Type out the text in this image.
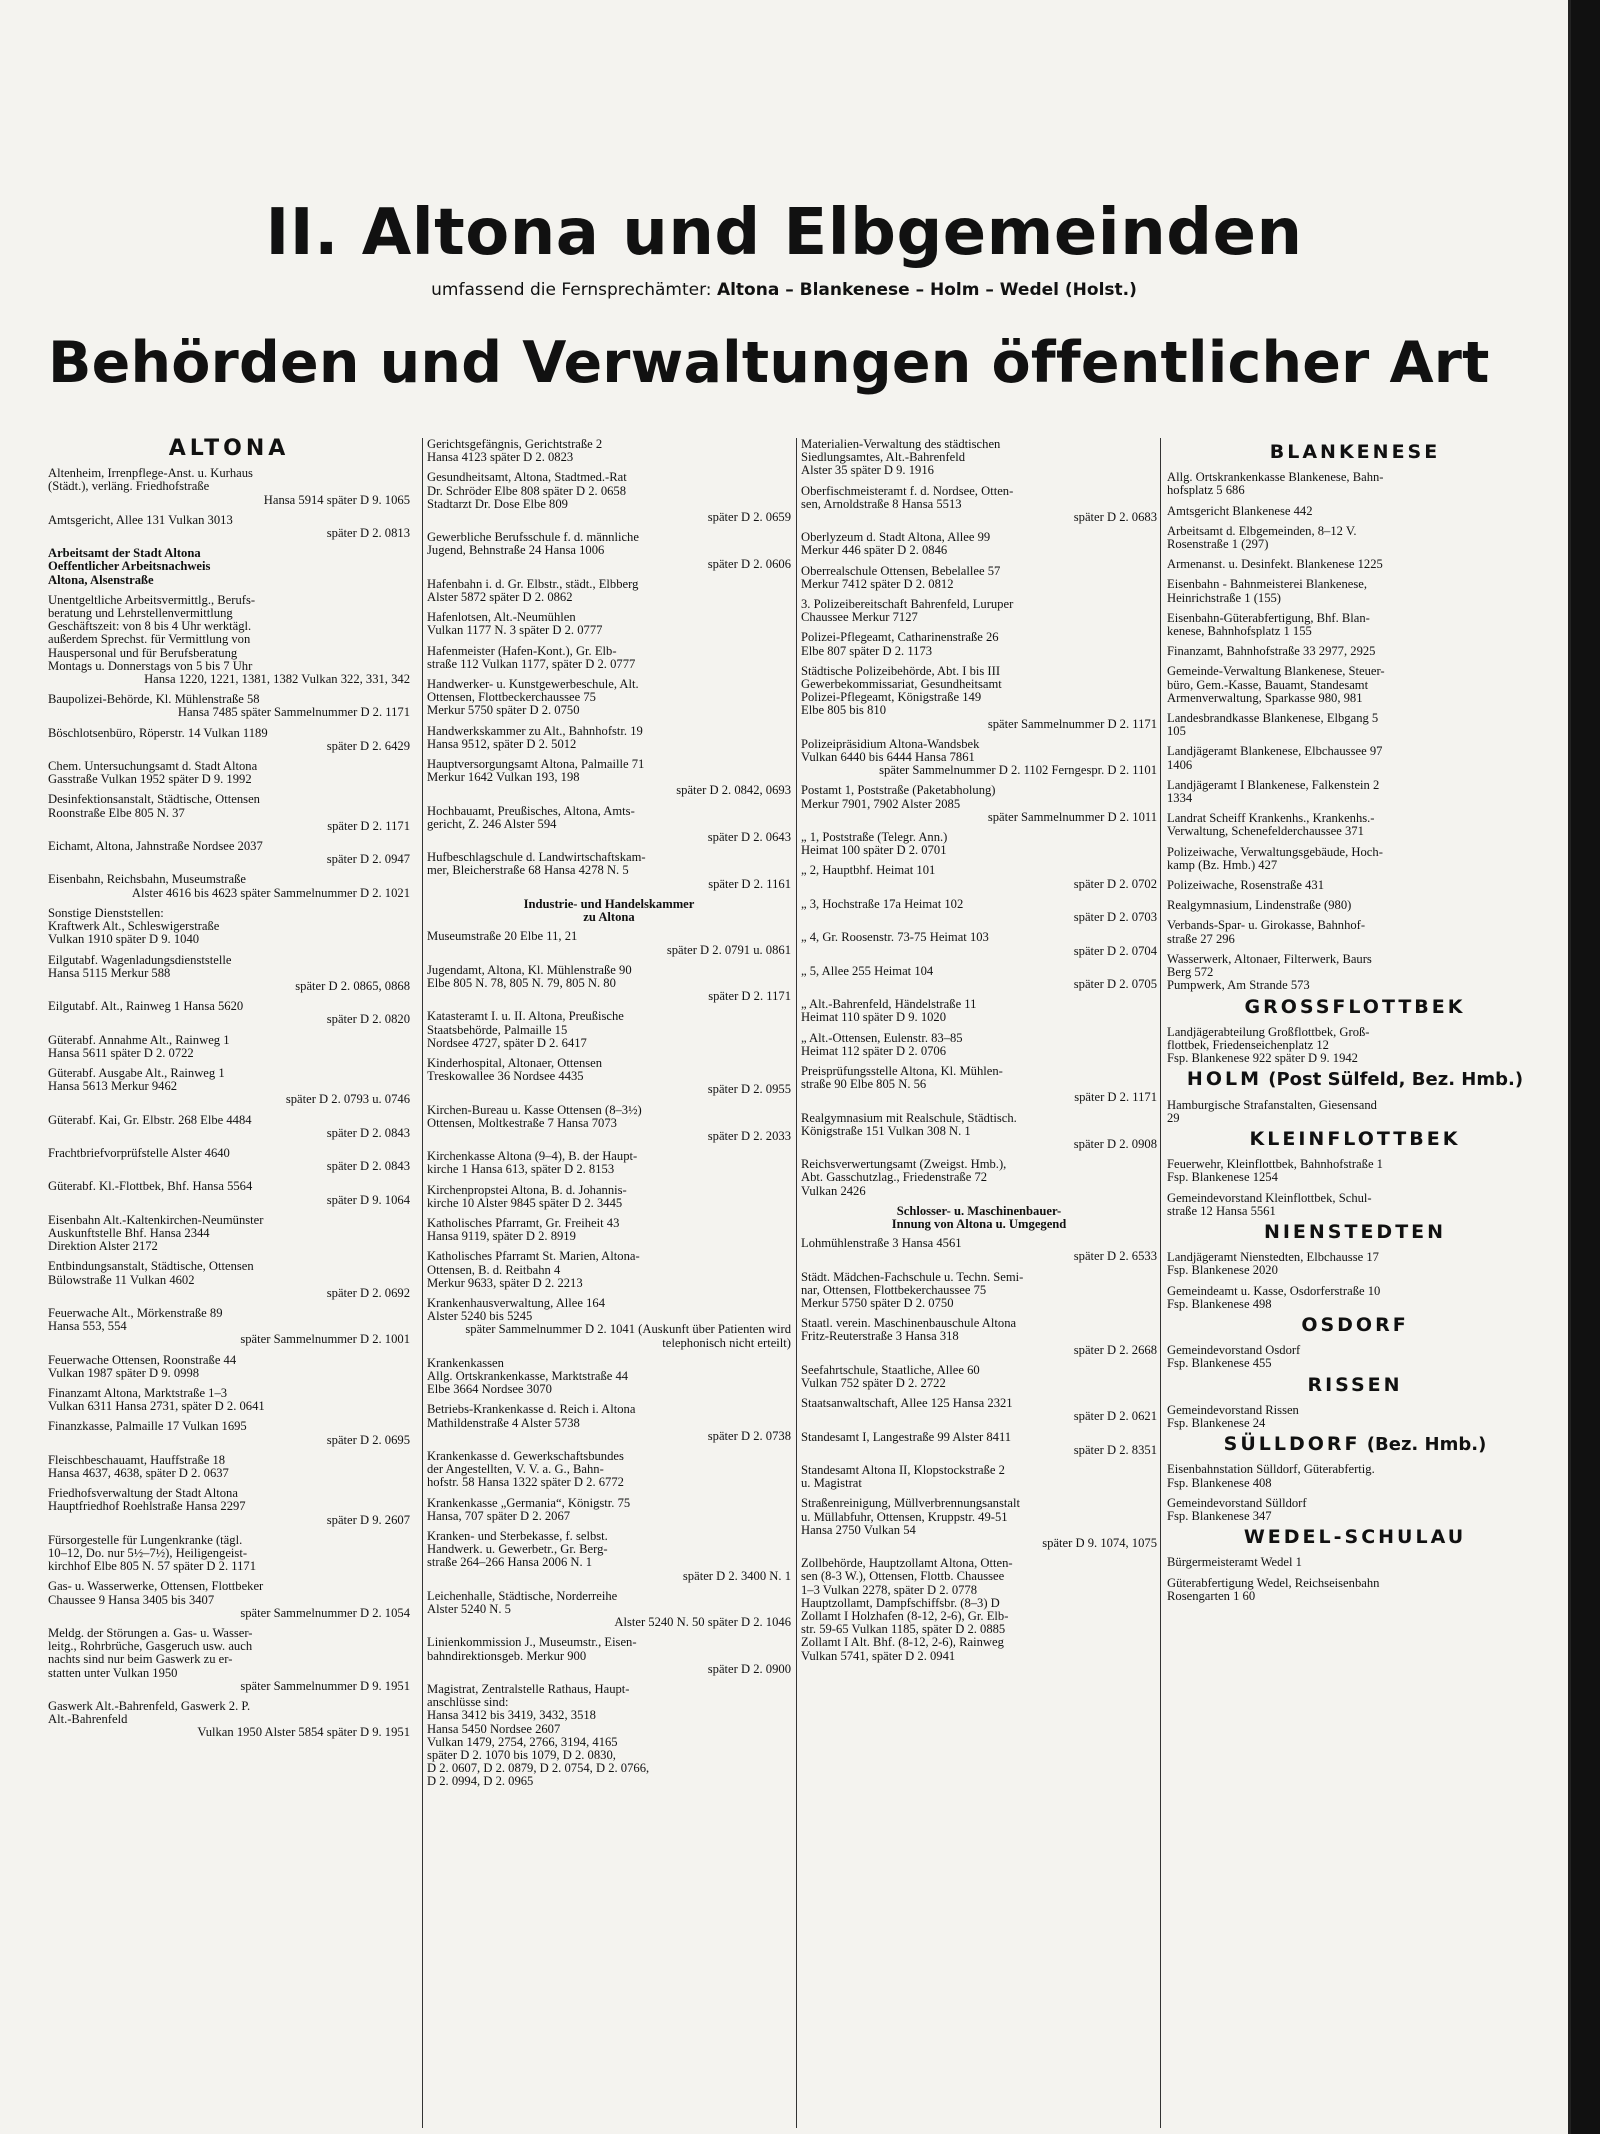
II. Altona und Elbgemeinden

umfassend die Fernsprechämter: Altona – Blankenese – Holm – Wedel (Holst.)

Behörden und Verwaltungen öffentlicher Art
ALTONA
Altenheim, Irrenpflege-Anst. u. Kurhaus
(Städt.), verläng. Friedhofstraße
Hansa 5914 später D 9. 1065
Amtsgericht, Allee 131 Vulkan 3013
später D 2. 0813
Arbeitsamt der Stadt Altona
Oeffentlicher Arbeitsnachweis
Altona, Alsenstraße
Unentgeltliche Arbeitsvermittlg., Berufs-
beratung und Lehrstellenvermittlung
Geschäftszeit: von 8 bis 4 Uhr werktägl.
außerdem Sprechst. für Vermittlung von
Hauspersonal und für Berufsberatung
Montags u. Donnerstags von 5 bis 7 Uhr
Hansa 1220, 1221, 1381, 1382 Vulkan 322, 331, 342
Baupolizei-Behörde, Kl. Mühlenstraße 58
Hansa 7485 später Sammelnummer D 2. 1171
Böschlotsenbüro, Röperstr. 14 Vulkan 1189
später D 2. 6429
Chem. Untersuchungsamt d. Stadt Altona
Gasstraße Vulkan 1952 später D 9. 1992
Desinfektionsanstalt, Städtische, Ottensen
Roonstraße Elbe 805 N. 37
später D 2. 1171
Eichamt, Altona, Jahnstraße Nordsee 2037
später D 2. 0947
Eisenbahn, Reichsbahn, Museumstraße
Alster 4616 bis 4623 später Sammelnummer D 2. 1021
Sonstige Dienststellen:
Kraftwerk Alt., Schleswigerstraße
Vulkan 1910 später D 9. 1040
Eilgutabf. Wagenladungsdienststelle
Hansa 5115 Merkur 588
später D 2. 0865, 0868
Eilgutabf. Alt., Rainweg 1 Hansa 5620
später D 2. 0820
Güterabf. Annahme Alt., Rainweg 1
Hansa 5611 später D 2. 0722
Güterabf. Ausgabe Alt., Rainweg 1
Hansa 5613 Merkur 9462
später D 2. 0793 u. 0746
Güterabf. Kai, Gr. Elbstr. 268 Elbe 4484
später D 2. 0843
Frachtbriefvorprüfstelle Alster 4640
später D 2. 0843
Güterabf. Kl.-Flottbek, Bhf. Hansa 5564
später D 9. 1064
Eisenbahn Alt.-Kaltenkirchen-Neumünster
Auskunftstelle Bhf. Hansa 2344
Direktion Alster 2172
Entbindungsanstalt, Städtische, Ottensen
Bülowstraße 11 Vulkan 4602
später D 2. 0692
Feuerwache Alt., Mörkenstraße 89
Hansa 553, 554
später Sammelnummer D 2. 1001
Feuerwache Ottensen, Roonstraße 44
Vulkan 1987 später D 9. 0998
Finanzamt Altona, Marktstraße 1–3
Vulkan 6311 Hansa 2731, später D 2. 0641
Finanzkasse, Palmaille 17 Vulkan 1695
später D 2. 0695
Fleischbeschauamt, Hauffstraße 18
Hansa 4637, 4638, später D 2. 0637
Friedhofsverwaltung der Stadt Altona
Hauptfriedhof Roehlstraße Hansa 2297
später D 9. 2607
Fürsorgestelle für Lungenkranke (tägl.
10–12, Do. nur 5½–7½), Heiligengeist-
kirchhof Elbe 805 N. 57 später D 2. 1171
Gas- u. Wasserwerke, Ottensen, Flottbeker
Chaussee 9 Hansa 3405 bis 3407
später Sammelnummer D 2. 1054
Meldg. der Störungen a. Gas- u. Wasser-
leitg., Rohrbrüche, Gasgeruch usw. auch
nachts sind nur beim Gaswerk zu er-
statten unter Vulkan 1950
später Sammelnummer D 9. 1951
Gaswerk Alt.-Bahrenfeld, Gaswerk 2. P.
Alt.-Bahrenfeld
Vulkan 1950 Alster 5854 später D 9. 1951
Gerichtsgefängnis, Gerichtstraße 2
Hansa 4123 später D 2. 0823
Gesundheitsamt, Altona, Stadtmed.-Rat
Dr. Schröder Elbe 808 später D 2. 0658
Stadtarzt Dr. Dose Elbe 809
später D 2. 0659
Gewerbliche Berufsschule f. d. männliche
Jugend, Behnstraße 24 Hansa 1006
später D 2. 0606
Hafenbahn i. d. Gr. Elbstr., städt., Elbberg
Alster 5872 später D 2. 0862
Hafenlotsen, Alt.-Neumühlen
Vulkan 1177 N. 3 später D 2. 0777
Hafenmeister (Hafen-Kont.), Gr. Elb-
straße 112 Vulkan 1177, später D 2. 0777
Handwerker- u. Kunstgewerbeschule, Alt.
Ottensen, Flottbeckerchaussee 75
Merkur 5750 später D 2. 0750
Handwerkskammer zu Alt., Bahnhofstr. 19
Hansa 9512, später D 2. 5012
Hauptversorgungsamt Altona, Palmaille 71
Merkur 1642 Vulkan 193, 198
später D 2. 0842, 0693
Hochbauamt, Preußisches, Altona, Amts-
gericht, Z. 246 Alster 594
später D 2. 0643
Hufbeschlagschule d. Landwirtschaftskam-
mer, Bleicherstraße 68 Hansa 4278 N. 5
später D 2. 1161
Industrie- und Handelskammer
zu Altona
Museumstraße 20 Elbe 11, 21
später D 2. 0791 u. 0861
Jugendamt, Altona, Kl. Mühlenstraße 90
Elbe 805 N. 78, 805 N. 79, 805 N. 80
später D 2. 1171
Katasteramt I. u. II. Altona, Preußische
Staatsbehörde, Palmaille 15
Nordsee 4727, später D 2. 6417
Kinderhospital, Altonaer, Ottensen
Treskowallee 36 Nordsee 4435
später D 2. 0955
Kirchen-Bureau u. Kasse Ottensen (8–3½)
Ottensen, Moltkestraße 7 Hansa 7073
später D 2. 2033
Kirchenkasse Altona (9–4), B. der Haupt-
kirche 1 Hansa 613, später D 2. 8153
Kirchenpropstei Altona, B. d. Johannis-
kirche 10 Alster 9845 später D 2. 3445
Katholisches Pfarramt, Gr. Freiheit 43
Hansa 9119, später D 2. 8919
Katholisches Pfarramt St. Marien, Altona-
Ottensen, B. d. Reitbahn 4
Merkur 9633, später D 2. 2213
Krankenhausverwaltung, Allee 164
Alster 5240 bis 5245
später Sammelnummer D 2. 1041 (Auskunft über Patienten wird telephonisch nicht erteilt)
Krankenkassen
Allg. Ortskrankenkasse, Marktstraße 44
Elbe 3664 Nordsee 3070
Betriebs-Krankenkasse d. Reich i. Altona
Mathildenstraße 4 Alster 5738
später D 2. 0738
Krankenkasse d. Gewerkschaftsbundes
der Angestellten, V. V. a. G., Bahn-
hofstr. 58 Hansa 1322 später D 2. 6772
Krankenkasse „Germania“, Königstr. 75
Hansa, 707 später D 2. 2067
Kranken- und Sterbekasse, f. selbst.
Handwerk. u. Gewerbetr., Gr. Berg-
straße 264–266 Hansa 2006 N. 1
später D 2. 3400 N. 1
Leichenhalle, Städtische, Norderreihe
Alster 5240 N. 5
Alster 5240 N. 50 später D 2. 1046
Linienkommission J., Museumstr., Eisen-
bahndirektionsgeb. Merkur 900
später D 2. 0900
Magistrat, Zentralstelle Rathaus, Haupt-
anschlüsse sind:
Hansa 3412 bis 3419, 3432, 3518
Hansa 5450 Nordsee 2607
Vulkan 1479, 2754, 2766, 3194, 4165
später D 2. 1070 bis 1079, D 2. 0830,
D 2. 0607, D 2. 0879, D 2. 0754, D 2. 0766,
D 2. 0994, D 2. 0965
Materialien-Verwaltung des städtischen
Siedlungsamtes, Alt.-Bahrenfeld
Alster 35 später D 9. 1916
Oberfischmeisteramt f. d. Nordsee, Otten-
sen, Arnoldstraße 8 Hansa 5513
später D 2. 0683
Oberlyzeum d. Stadt Altona, Allee 99
Merkur 446 später D 2. 0846
Oberrealschule Ottensen, Bebelallee 57
Merkur 7412 später D 2. 0812
3. Polizeibereitschaft Bahrenfeld, Luruper
Chaussee Merkur 7127
Polizei-Pflegeamt, Catharinenstraße 26
Elbe 807 später D 2. 1173
Städtische Polizeibehörde, Abt. I bis III
Gewerbekommissariat, Gesundheitsamt
Polizei-Pflegeamt, Königstraße 149
Elbe 805 bis 810
später Sammelnummer D 2. 1171
Polizeipräsidium Altona-Wandsbek
Vulkan 6440 bis 6444 Hansa 7861
später Sammelnummer D 2. 1102 Ferngespr. D 2. 1101
Postamt 1, Poststraße (Paketabholung)
Merkur 7901, 7902 Alster 2085
später Sammelnummer D 2. 1011
„ 1, Poststraße (Telegr. Ann.)
Heimat 100 später D 2. 0701
„ 2, Hauptbhf. Heimat 101
später D 2. 0702
„ 3, Hochstraße 17a Heimat 102
später D 2. 0703
„ 4, Gr. Roosenstr. 73-75 Heimat 103
später D 2. 0704
„ 5, Allee 255 Heimat 104
später D 2. 0705
„ Alt.-Bahrenfeld, Händelstraße 11
Heimat 110 später D 9. 1020
„ Alt.-Ottensen, Eulenstr. 83–85
Heimat 112 später D 2. 0706
Preisprüfungsstelle Altona, Kl. Mühlen-
straße 90 Elbe 805 N. 56
später D 2. 1171
Realgymnasium mit Realschule, Städtisch.
Königstraße 151 Vulkan 308 N. 1
später D 2. 0908
Reichsverwertungsamt (Zweigst. Hmb.),
Abt. Gasschutzlag., Friedenstraße 72
Vulkan 2426
Schlosser- u. Maschinenbauer-
Innung von Altona u. Umgegend
Lohmühlenstraße 3 Hansa 4561
später D 2. 6533
Städt. Mädchen-Fachschule u. Techn. Semi-
nar, Ottensen, Flottbekerchaussee 75
Merkur 5750 später D 2. 0750
Staatl. verein. Maschinenbauschule Altona
Fritz-Reuterstraße 3 Hansa 318
später D 2. 2668
Seefahrtschule, Staatliche, Allee 60
Vulkan 752 später D 2. 2722
Staatsanwaltschaft, Allee 125 Hansa 2321
später D 2. 0621
Standesamt I, Langestraße 99 Alster 8411
später D 2. 8351
Standesamt Altona II, Klopstockstraße 2
u. Magistrat
Straßenreinigung, Müllverbrennungsanstalt
u. Müllabfuhr, Ottensen, Kruppstr. 49-51
Hansa 2750 Vulkan 54
später D 9. 1074, 1075
Zollbehörde, Hauptzollamt Altona, Otten-
sen (8-3 W.), Ottensen, Flottb. Chaussee
1–3 Vulkan 2278, später D 2. 0778
Hauptzollamt, Dampfschiffsbr. (8–3) D
Zollamt I Holzhafen (8-12, 2-6), Gr. Elb-
str. 59-65 Vulkan 1185, später D 2. 0885
Zollamt I Alt. Bhf. (8-12, 2-6), Rainweg
Vulkan 5741, später D 2. 0941
BLANKENESE
Allg. Ortskrankenkasse Blankenese, Bahn-
hofsplatz 5 686
Amtsgericht Blankenese 442
Arbeitsamt d. Elbgemeinden, 8–12 V.
Rosenstraße 1 (297)
Armenanst. u. Desinfekt. Blankenese 1225
Eisenbahn - Bahnmeisterei Blankenese,
Heinrichstraße 1 (155)
Eisenbahn-Güterabfertigung, Bhf. Blan-
kenese, Bahnhofsplatz 1 155
Finanzamt, Bahnhofstraße 33 2977, 2925
Gemeinde-Verwaltung Blankenese, Steuer-
büro, Gem.-Kasse, Bauamt, Standesamt
Armenverwaltung, Sparkasse 980, 981
Landesbrandkasse Blankenese, Elbgang 5
105
Landjägeramt Blankenese, Elbchaussee 97
1406
Landjägeramt I Blankenese, Falkenstein 2
1334
Landrat Scheiff Krankenhs., Krankenhs.-
Verwaltung, Schenefelderchaussee 371
Polizeiwache, Verwaltungsgebäude, Hoch-
kamp (Bz. Hmb.) 427
Polizeiwache, Rosenstraße 431
Realgymnasium, Lindenstraße (980)
Verbands-Spar- u. Girokasse, Bahnhof-
straße 27 296
Wasserwerk, Altonaer, Filterwerk, Baurs
Berg 572
Pumpwerk, Am Strande 573
GROSSFLOTTBEK
Landjägerabteilung Großflottbek, Groß-
flottbek, Friedenseichenplatz 12
Fsp. Blankenese 922 später D 9. 1942
HOLM (Post Sülfeld, Bez. Hmb.)
Hamburgische Strafanstalten, Giesensand
29
KLEINFLOTTBEK
Feuerwehr, Kleinflottbek, Bahnhofstraße 1
Fsp. Blankenese 1254
Gemeindevorstand Kleinflottbek, Schul-
straße 12 Hansa 5561
NIENSTEDTEN
Landjägeramt Nienstedten, Elbchausse 17
Fsp. Blankenese 2020
Gemeindeamt u. Kasse, Osdorferstraße 10
Fsp. Blankenese 498
OSDORF
Gemeindevorstand Osdorf
Fsp. Blankenese 455
RISSEN
Gemeindevorstand Rissen
Fsp. Blankenese 24
SÜLLDORF (Bez. Hmb.)
Eisenbahnstation Sülldorf, Güterabfertig.
Fsp. Blankenese 408
Gemeindevorstand Sülldorf
Fsp. Blankenese 347
WEDEL-SCHULAU
Bürgermeisteramt Wedel 1
Güterabfertigung Wedel, Reichseisenbahn
Rosengarten 1 60
